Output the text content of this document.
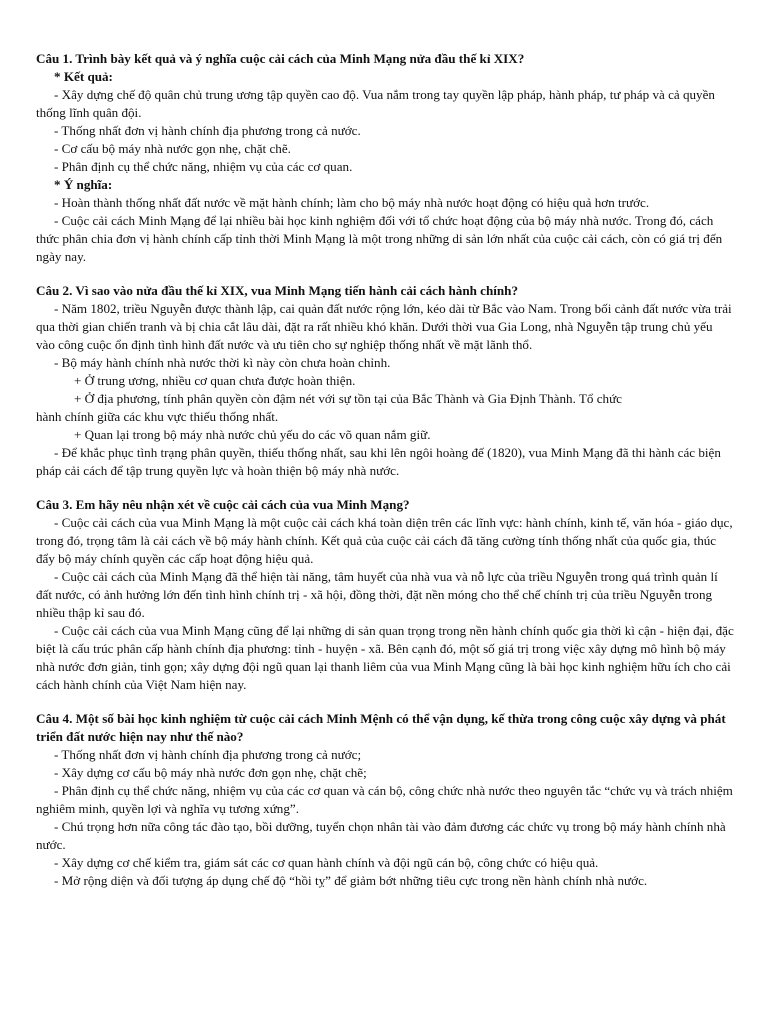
Câu 1. Trình bày kết quả và ý nghĩa cuộc cải cách của Minh Mạng nửa đầu thế kỉ XIX?

* Kết quả:

- Xây dựng chế độ quân chủ trung ương tập quyền cao độ. Vua nắm trong tay quyền lập pháp, hành pháp, tư pháp và cả quyền thống lĩnh quân đội.

- Thống nhất đơn vị hành chính địa phương trong cả nước.

- Cơ cấu bộ máy nhà nước gọn nhẹ, chặt chẽ.

- Phân định cụ thể chức năng, nhiệm vụ của các cơ quan.

* Ý nghĩa:

- Hoàn thành thống nhất đất nước về mặt hành chính; làm cho bộ máy nhà nước hoạt động có hiệu quả hơn trước.

- Cuộc cải cách Minh Mạng để lại nhiều bài học kinh nghiệm đối với tổ chức hoạt động của bộ máy nhà nước. Trong đó, cách thức phân chia đơn vị hành chính cấp tỉnh thời Minh Mạng là một trong những di sản lớn nhất của cuộc cải cách, còn có giá trị đến ngày nay.

Câu 2. Vì sao vào nửa đầu thế kỉ XIX, vua Minh Mạng tiến hành cải cách hành chính?

- Năm 1802, triều Nguyễn được thành lập, cai quản đất nước rộng lớn, kéo dài từ Bắc vào Nam. Trong bối cảnh đất nước vừa trải qua thời gian chiến tranh và bị chia cắt lâu dài, đặt ra rất nhiều khó khăn. Dưới thời vua Gia Long, nhà Nguyễn tập trung chủ yếu vào công cuộc ổn định tình hình đất nước và ưu tiên cho sự nghiệp thống nhất về mặt lãnh thổ.

- Bộ máy hành chính nhà nước thời kì này còn chưa hoàn chỉnh.

+ Ở trung ương, nhiều cơ quan chưa được hoàn thiện.

+ Ở địa phương, tính phân quyền còn đậm nét với sự tồn tại của Bắc Thành và Gia Định Thành. Tổ chức

hành chính giữa các khu vực thiếu thống nhất.

+ Quan lại trong bộ máy nhà nước chủ yếu do các võ quan nắm giữ.

- Để khắc phục tình trạng phân quyền, thiếu thống nhất, sau khi lên ngôi hoàng đế (1820), vua Minh Mạng đã thi hành các biện pháp cải cách để tập trung quyền lực và hoàn thiện bộ máy nhà nước.

Câu 3. Em hãy nêu nhận xét về cuộc cải cách của vua Minh Mạng?

- Cuộc cải cách của vua Minh Mạng là một cuộc cải cách khá toàn diện trên các lĩnh vực: hành chính, kinh tế, văn hóa - giáo dục, trong đó, trọng tâm là cải cách về bộ máy hành chính. Kết quả của cuộc cải cách đã tăng cường tính thống nhất của quốc gia, thúc đẩy bộ máy chính quyền các cấp hoạt động hiệu quả.

- Cuộc cải cách của Minh Mạng đã thể hiện tài năng, tâm huyết của nhà vua và nỗ lực của triều Nguyễn trong quá trình quản lí đất nước, có ảnh hưởng lớn đến tình hình chính trị - xã hội, đồng thời, đặt nền móng cho thể chế chính trị của triều Nguyễn trong nhiều thập kỉ sau đó.

- Cuộc cải cách của vua Minh Mạng cũng để lại những di sản quan trọng trong nền hành chính quốc gia thời kì cận - hiện đại, đặc biệt là cấu trúc phân cấp hành chính địa phương: tỉnh - huyện - xã. Bên cạnh đó, một số giá trị trong việc xây dựng mô hình bộ máy nhà nước đơn giản, tinh gọn; xây dựng đội ngũ quan lại thanh liêm của vua Minh Mạng cũng là bài học kinh nghiệm hữu ích cho cải cách hành chính của Việt Nam hiện nay.

Câu 4. Một số bài học kinh nghiệm từ cuộc cải cách Minh Mệnh có thể vận dụng, kế thừa trong công cuộc xây dựng và phát triển đất nước hiện nay như thế nào?

- Thống nhất đơn vị hành chính địa phương trong cả nước;

- Xây dựng cơ cấu bộ máy nhà nước đơn gọn nhẹ, chặt chẽ;

- Phân định cụ thể chức năng, nhiệm vụ của các cơ quan và cán bộ, công chức nhà nước theo nguyên tắc “chức vụ và trách nhiệm nghiêm minh, quyền lợi và nghĩa vụ tương xứng”.

- Chú trọng hơn nữa công tác đào tạo, bồi dưỡng, tuyển chọn nhân tài vào đảm đương các chức vụ trong bộ máy hành chính nhà nước.

- Xây dựng cơ chế kiểm tra, giám sát các cơ quan hành chính và đội ngũ cán bộ, công chức có hiệu quả.

- Mở rộng diện và đối tượng áp dụng chế độ “hồi tỵ” để giảm bớt những tiêu cực trong nền hành chính nhà nước.
